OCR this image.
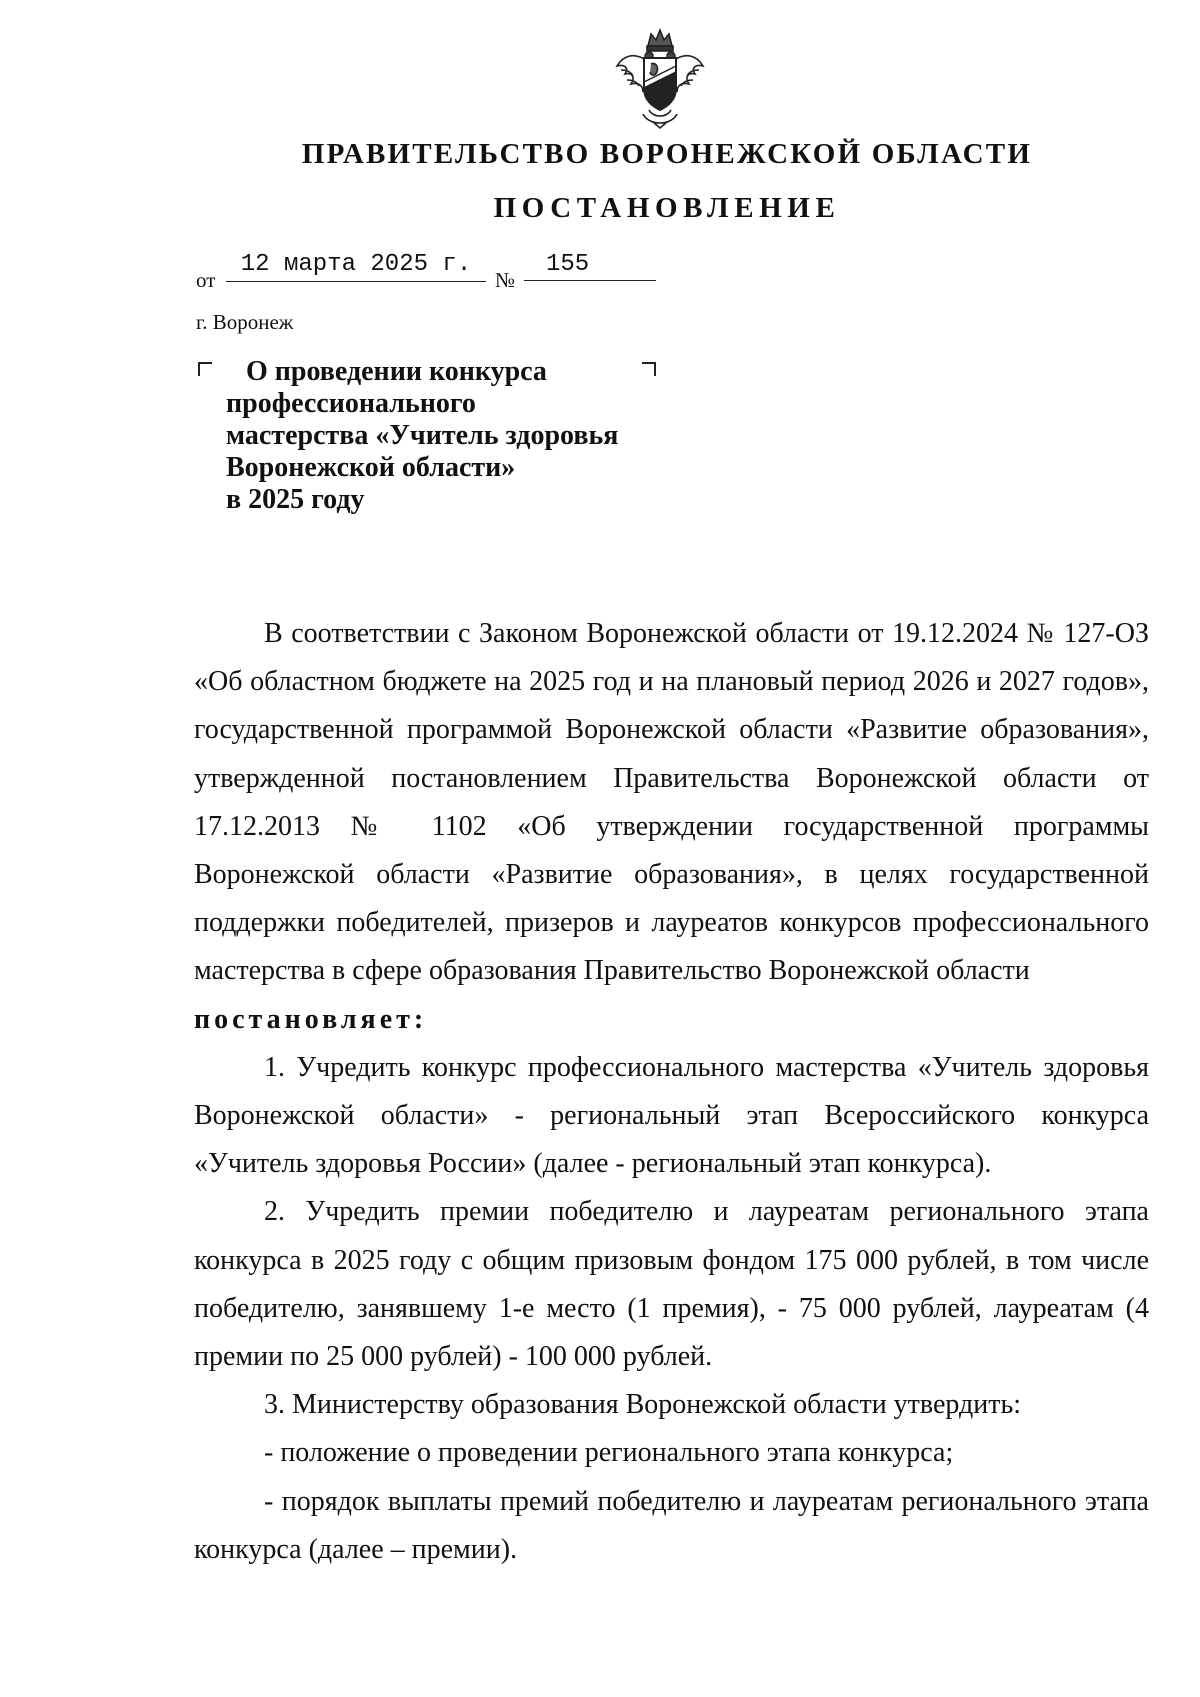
ПРАВИТЕЛЬСТВО ВОРОНЕЖСКОЙ ОБЛАСТИ
ПОСТАНОВЛЕНИЕ
от
12 марта 2025 г.
№
155
г. Воронеж
О проведении конкурса
профессионального
мастерства «Учитель здоровья
Воронежской области»
в 2025 году

В соответствии с Законом Воронежской области от 19.12.2024 № 127-ОЗ «Об областном бюджете на 2025 год и на плановый период 2026 и 2027 годов», государственной программой Воронежской области «Развитие образования», утвержденной постановлением Правительства Воронежской области от 17.12.2013 № 1102 «Об утверждении государственной программы Воронежской области «Развитие образования», в целях государственной поддержки победителей, призеров и лауреатов конкурсов профессионального мастерства в сфере образования Правительство Воронежской области

постановляет:

1. Учредить конкурс профессионального мастерства «Учитель здоровья Воронежской области» - региональный этап Всероссийского конкурса «Учитель здоровья России» (далее - региональный этап конкурса).

2. Учредить премии победителю и лауреатам регионального этапа конкурса в 2025 году с общим призовым фондом 175 000 рублей, в том числе победителю, занявшему 1-е место (1 премия), - 75 000 рублей, лауреатам (4 премии по 25 000 рублей) - 100 000 рублей.

3. Министерству образования Воронежской области утвердить:

- положение о проведении регионального этапа конкурса;

- порядок выплаты премий победителю и лауреатам регионального этапа конкурса (далее – премии).
